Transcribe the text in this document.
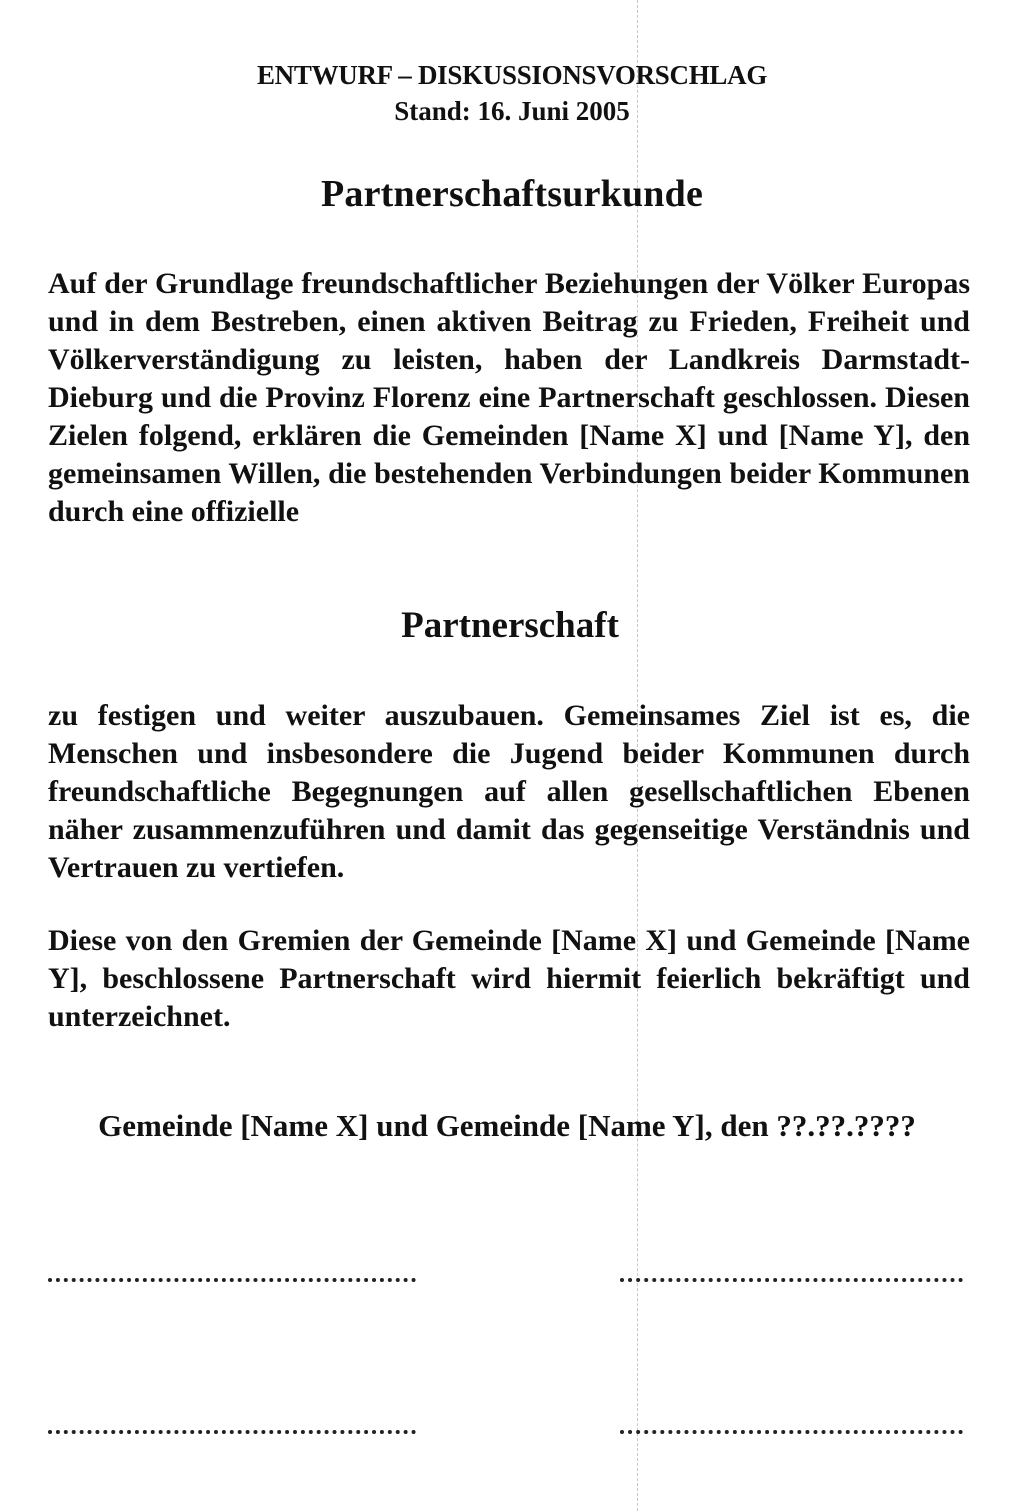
ENTWURF – DISKUSSIONSVORSCHLAG
Stand: 16. Juni 2005
Partnerschaftsurkunde
Auf der Grundlage freundschaftlicher Beziehungen der Völker Europas und in dem Bestreben, einen aktiven Beitrag zu Frieden, Freiheit und Völkerverständigung zu leisten, haben der Landkreis Darmstadt-Dieburg und die Provinz Florenz eine Partnerschaft geschlossen. Diesen Zielen folgend, erklären die Gemeinden [Name X] und [Name Y], den gemeinsamen Willen, die bestehenden Verbindungen beider Kommunen durch eine offizielle
Partnerschaft
zu festigen und weiter auszubauen. Gemeinsames Ziel ist es, die Menschen und insbesondere die Jugend beider Kommunen durch freundschaftliche Begegnungen auf allen gesellschaftlichen Ebenen näher zusammenzuführen und damit das gegenseitige Verständnis und Vertrauen zu vertiefen.
Diese von den Gremien der Gemeinde [Name X] und Gemeinde [Name Y], beschlossene Partnerschaft wird hiermit feierlich bekräftigt und unterzeichnet.
Gemeinde [Name X] und Gemeinde [Name Y], den ??.??.????
